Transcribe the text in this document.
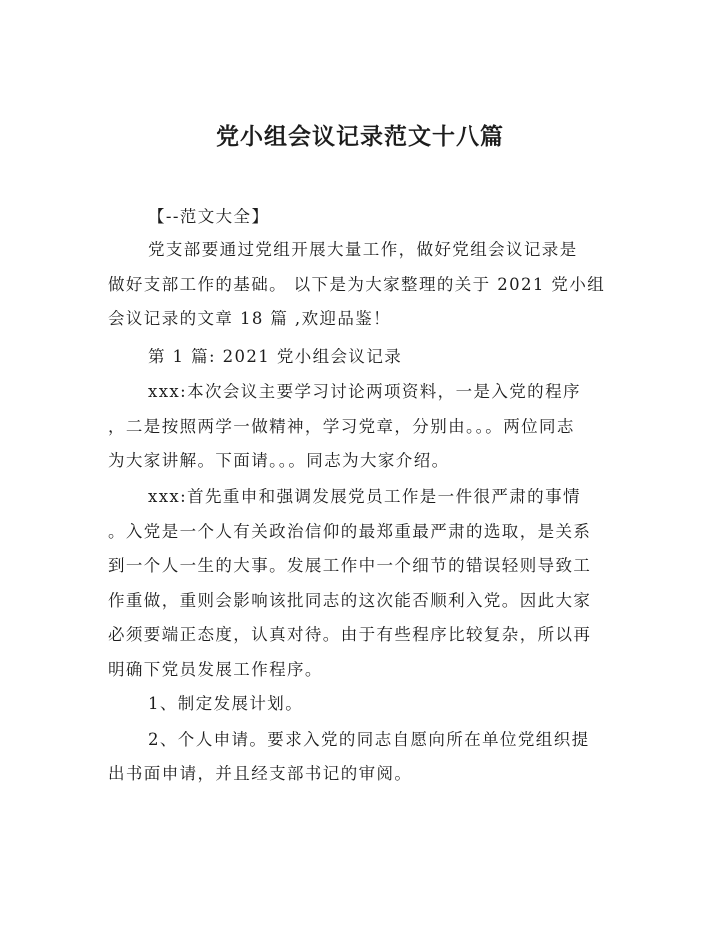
党小组会议记录范文十八篇
【--范文大全】
党支部要通过党组开展大量工作，做好党组会议记录是
做好支部工作的基础。 以下是为大家整理的关于 2021 党小组
会议记录的文章 18 篇 ,欢迎品鉴！
第 1 篇: 2021 党小组会议记录
xxx:本次会议主要学习讨论两项资料，一是入党的程序
，二是按照两学一做精神，学习党章，分别由。。。两位同志
为大家讲解。下面请。。。同志为大家介绍。
xxx:首先重申和强调发展党员工作是一件很严肃的事情
。入党是一个人有关政治信仰的最郑重最严肃的选取，是关系
到一个人一生的大事。发展工作中一个细节的错误轻则导致工
作重做，重则会影响该批同志的这次能否顺利入党。因此大家
必须要端正态度，认真对待。由于有些程序比较复杂，所以再
明确下党员发展工作程序。
1、制定发展计划。
2、个人申请。要求入党的同志自愿向所在单位党组织提
出书面申请，并且经支部书记的审阅。
